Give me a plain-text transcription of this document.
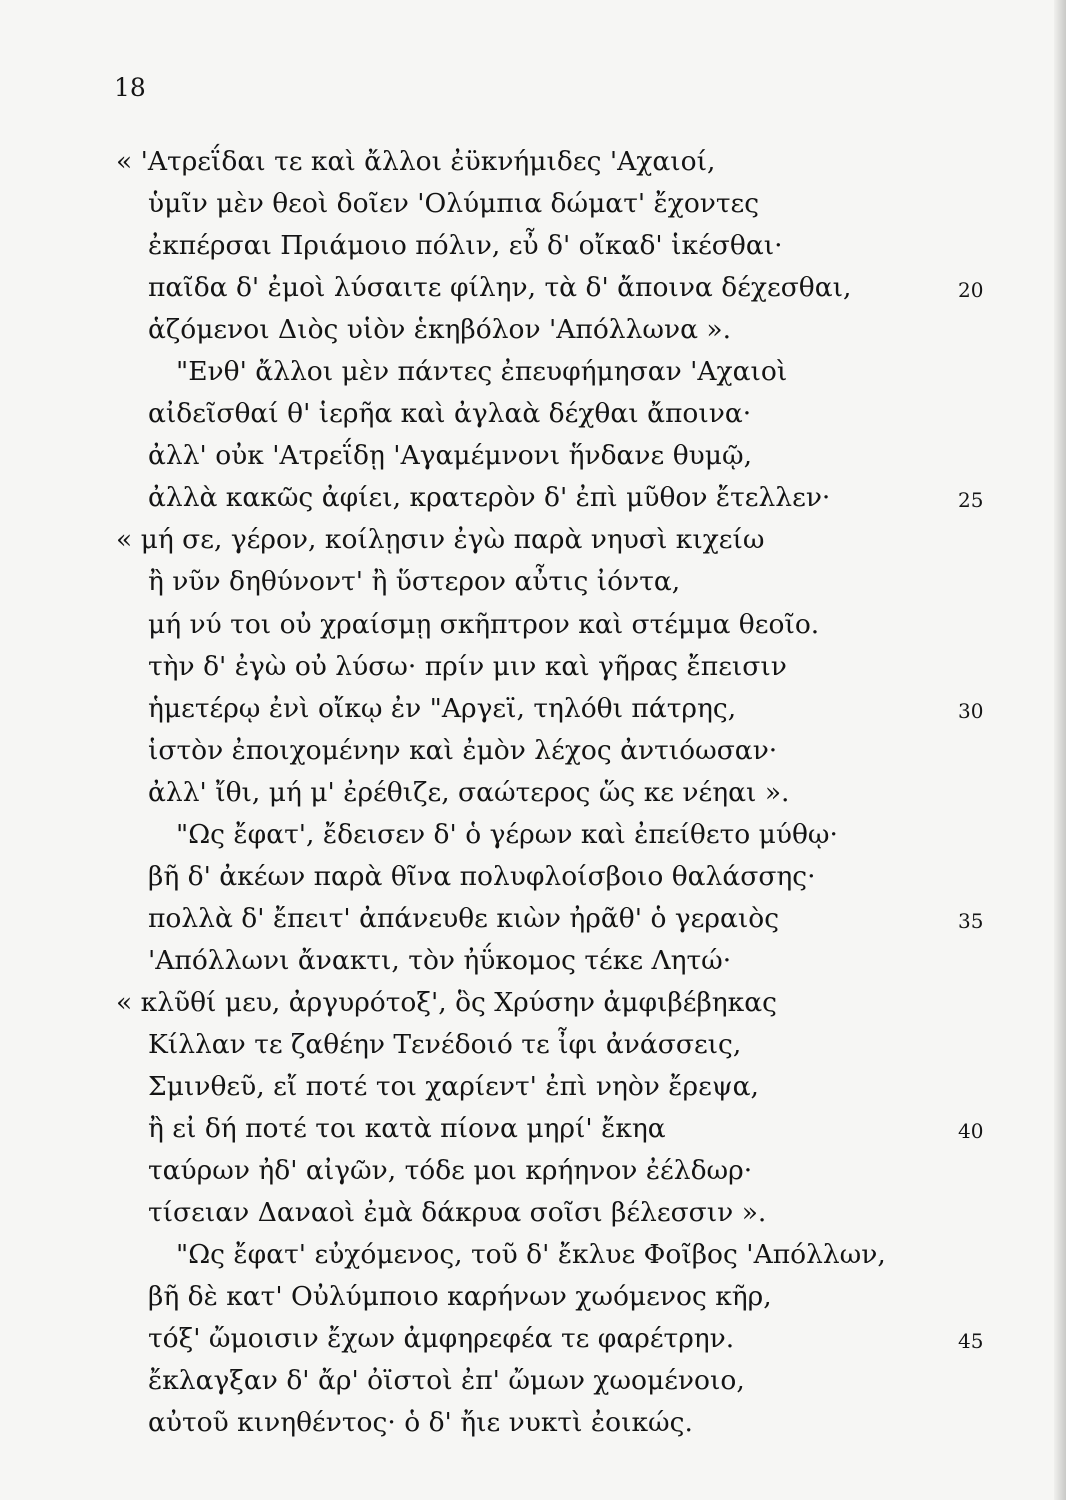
18
« 'Ατρεΐδαι τε καὶ ἄλλοι ἐϋκνήμιδες 'Αχαιοί,
ὑμῖν μὲν θεοὶ δοῖεν 'Ολύμπια δώματ' ἔχοντες
ἐκπέρσαι Πριάμοιο πόλιν, εὖ δ' οἴκαδ' ἱκέσθαι·
παῖδα δ' ἐμοὶ λύσαιτε φίλην, τὰ δ' ἄποινα δέχεσθαι,	20
ἁζόμενοι Διὸς υἱὸν ἑκηβόλον 'Απόλλωνα ».
"Ενθ' ἄλλοι μὲν πάντες ἐπευφήμησαν 'Αχαιοὶ
αἰδεῖσθαί θ' ἱερῆα καὶ ἀγλαὰ δέχθαι ἄποινα·
ἀλλ' οὐκ 'Ατρεΐδῃ 'Αγαμέμνονι ἥνδανε θυμῷ,
ἀλλὰ κακῶς ἀφίει, κρατερὸν δ' ἐπὶ μῦθον ἔτελλεν·	25
« μή σε, γέρον, κοίλῃσιν ἐγὼ παρὰ νηυσὶ κιχείω
ἢ νῦν δηθύνοντ' ἢ ὕστερον αὖτις ἰόντα,
μή νύ τοι οὐ χραίσμῃ σκῆπτρον καὶ στέμμα θεοῖο.
τὴν δ' ἐγὼ οὐ λύσω· πρίν μιν καὶ γῆρας ἔπεισιν
ἡμετέρῳ ἐνὶ οἴκῳ ἐν "Αργεϊ, τηλόθι πάτρης,	30
ἱστὸν ἐποιχομένην καὶ ἐμὸν λέχος ἀντιόωσαν·
ἀλλ' ἴθι, μή μ' ἐρέθιζε, σαώτερος ὥς κε νέηαι ».
"Ως ἔφατ', ἔδεισεν δ' ὁ γέρων καὶ ἐπείθετο μύθῳ·
βῆ δ' ἀκέων παρὰ θῖνα πολυφλοίσβοιο θαλάσσης·
πολλὰ δ' ἔπειτ' ἀπάνευθε κιὼν ἠρᾶθ' ὁ γεραιὸς	35
'Απόλλωνι ἄνακτι, τὸν ἠΰκομος τέκε Λητώ·
« κλῦθί μευ, ἀργυρότοξ', ὃς Χρύσην ἀμφιβέβηκας
Κίλλαν τε ζαθέην Τενέδοιό τε ἶφι ἀνάσσεις,
Σμινθεῦ, εἴ ποτέ τοι χαρίεντ' ἐπὶ νηὸν ἔρεψα,
ἢ εἰ δή ποτέ τοι κατὰ πίονα μηρί' ἔκηα	40
ταύρων ἠδ' αἰγῶν, τόδε μοι κρήηνον ἐέλδωρ·
τίσειαν Δαναοὶ ἐμὰ δάκρυα σοῖσι βέλεσσιν ».
"Ως ἔφατ' εὐχόμενος, τοῦ δ' ἔκλυε Φοῖβος 'Απόλλων,
βῆ δὲ κατ' Οὐλύμποιο καρήνων χωόμενος κῆρ,
τόξ' ὤμοισιν ἔχων ἀμφηρεφέα τε φαρέτρην.	45
ἔκλαγξαν δ' ἄρ' ὀϊστοὶ ἐπ' ὤμων χωομένοιο,
αὐτοῦ κινηθέντος· ὁ δ' ἤιε νυκτὶ ἐοικώς.
